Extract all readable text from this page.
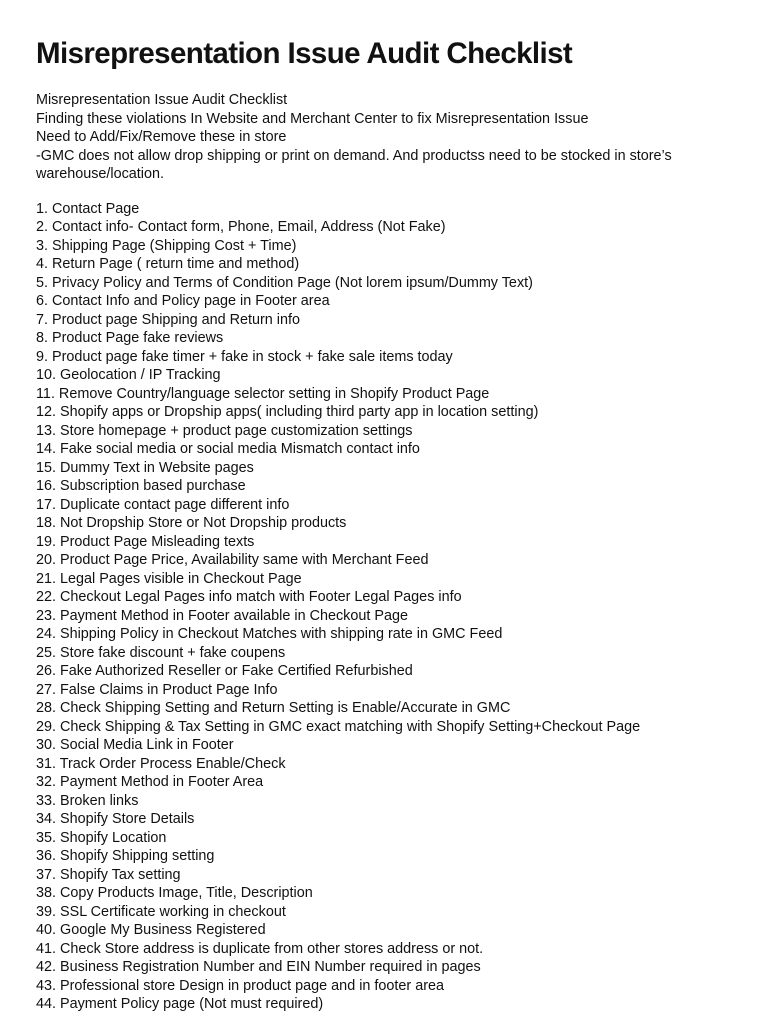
Misrepresentation Issue Audit Checklist
Misrepresentation Issue Audit Checklist
Finding these violations In Website and Merchant Center to fix Misrepresentation Issue
Need to Add/Fix/Remove these in store
-GMC does not allow drop shipping or print on demand. And productss need to be stocked in store’s warehouse/location.
1. Contact Page
2. Contact info- Contact form, Phone, Email, Address (Not Fake)
3. Shipping Page (Shipping Cost + Time)
4. Return Page ( return time and method)
5. Privacy Policy and Terms of Condition Page (Not lorem ipsum/Dummy Text)
6. Contact Info and Policy page in Footer area
7. Product page Shipping and Return info
8. Product Page fake reviews
9. Product page fake timer + fake in stock + fake sale items today
10. Geolocation / IP Tracking
11. Remove Country/language selector setting in Shopify Product Page
12. Shopify apps or Dropship apps( including third party app in location setting)
13. Store homepage + product page customization settings
14. Fake social media or social media Mismatch contact info
15. Dummy Text in Website pages
16. Subscription based purchase
17. Duplicate contact page different info
18. Not Dropship Store or Not Dropship products
19. Product Page Misleading texts
20. Product Page Price, Availability same with Merchant Feed
21. Legal Pages visible in Checkout Page
22. Checkout Legal Pages info match with Footer Legal Pages info
23. Payment Method in Footer available in Checkout Page
24. Shipping Policy in Checkout Matches with shipping rate in GMC Feed
25. Store fake discount + fake coupens
26. Fake Authorized Reseller or Fake Certified Refurbished
27. False Claims in Product Page Info
28. Check Shipping Setting and Return Setting is Enable/Accurate in GMC
29. Check Shipping & Tax Setting in GMC exact matching with Shopify Setting+Checkout Page
30. Social Media Link in Footer
31. Track Order Process Enable/Check
32. Payment Method in Footer Area
33. Broken links
34. Shopify Store Details
35. Shopify Location
36. Shopify Shipping setting
37. Shopify Tax setting
38. Copy Products Image, Title, Description
39. SSL Certificate working in checkout
40. Google My Business Registered
41. Check Store address is duplicate from other stores address or not.
42. Business Registration Number and EIN Number required in pages
43. Professional store Design in product page and in footer area
44. Payment Policy page (Not must required)
